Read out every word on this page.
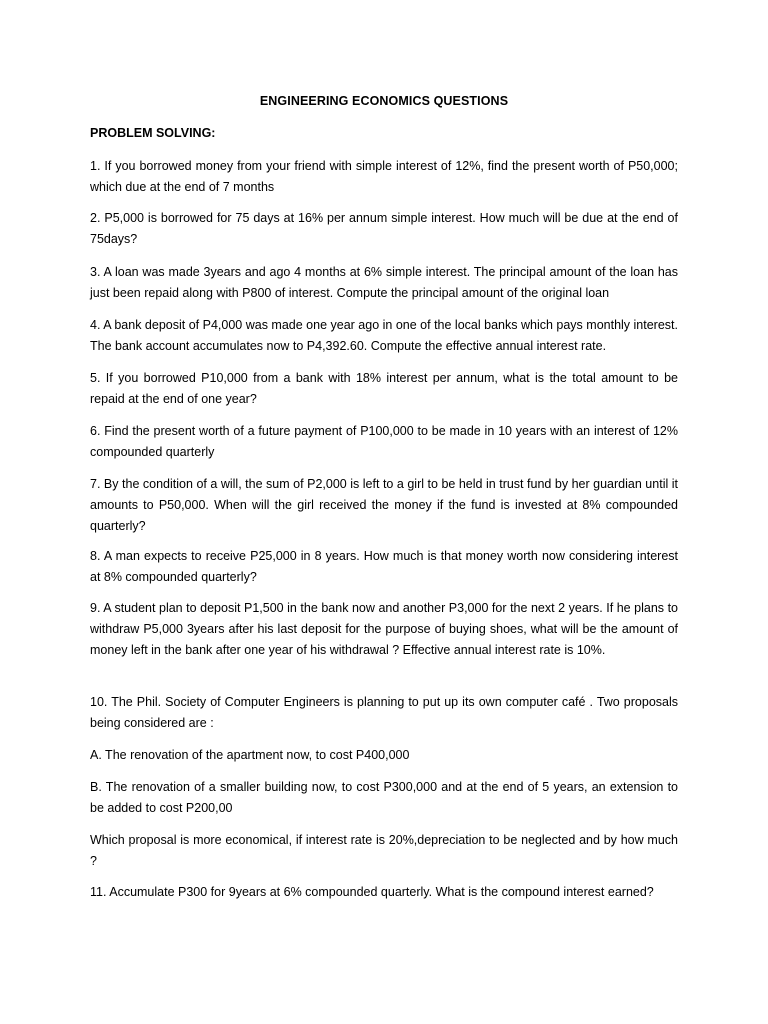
ENGINEERING ECONOMICS QUESTIONS
PROBLEM SOLVING:

1. If you borrowed money from your friend with simple interest of 12%, find the present worth of P50,000; which due at the end of 7 months

2. P5,000 is borrowed for 75 days at 16% per annum simple interest. How much will be due at the end of 75days?

3. A loan was made 3years and ago 4 months at 6% simple interest. The principal amount of the loan has just been repaid along with P800 of interest. Compute the principal amount of the original loan

4. A bank deposit of P4,000 was made one year ago in one of the local banks which pays monthly interest. The bank account accumulates now to P4,392.60. Compute the effective annual interest rate.

5. If you borrowed P10,000 from a bank with 18% interest per annum, what is the total amount to be repaid at the end of one year?

6. Find the present worth of a future payment of P100,000 to be made in 10 years with an interest of 12% compounded quarterly

7. By the condition of a will, the sum of P2,000 is left to a girl to be held in trust fund by her guardian until it amounts to P50,000. When will the girl received the money if the fund is invested at 8% compounded quarterly?

8. A man expects to receive P25,000 in 8 years. How much is that money worth now considering interest at 8% compounded quarterly?

9. A student plan to deposit P1,500 in the bank now and another P3,000 for the next 2 years. If he plans to withdraw P5,000 3years after his last deposit for the purpose of buying shoes, what will be the amount of money left in the bank after one year of his withdrawal ? Effective annual interest rate is 10%.

10. The Phil. Society of Computer Engineers is planning to put up its own computer café . Two proposals being considered are :

A. The renovation of the apartment now, to cost P400,000

B. The renovation of a smaller building now, to cost P300,000 and at the end of 5 years, an extension to be added to cost P200,00

Which proposal is more economical, if interest rate is 20%,depreciation to be neglected and by how much ?

11. Accumulate P300 for 9years at 6% compounded quarterly. What is the compound interest earned?
